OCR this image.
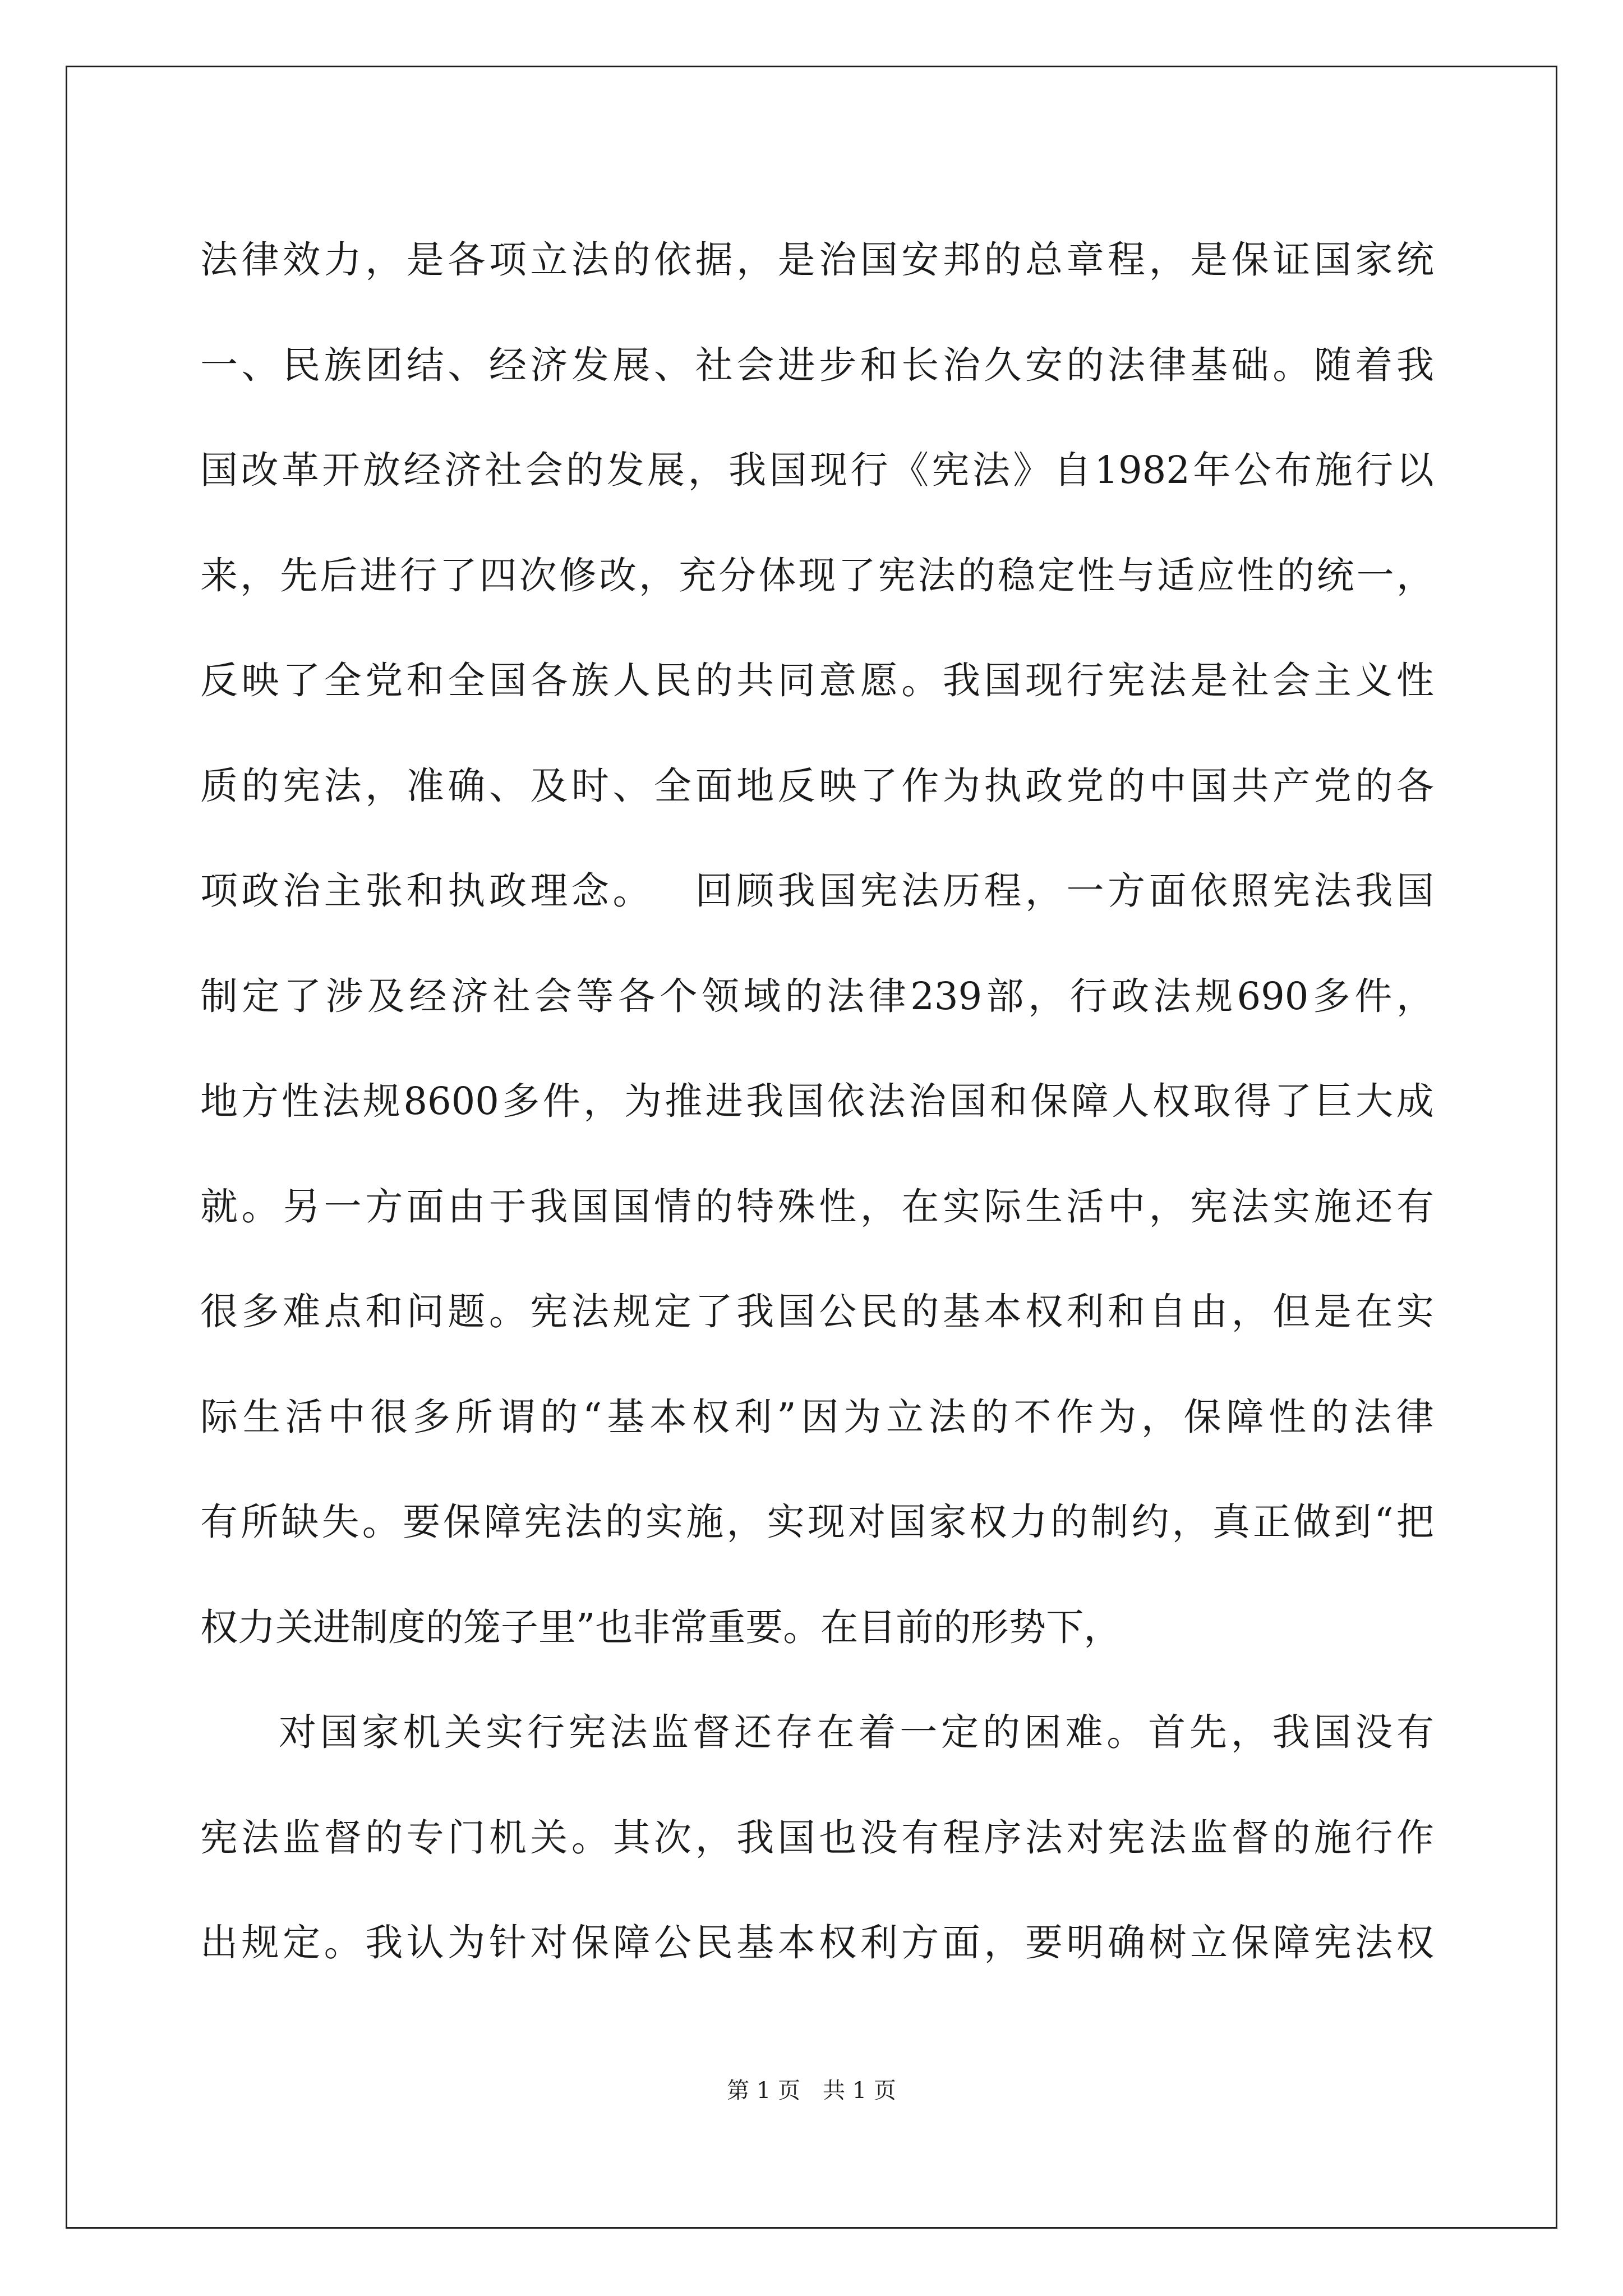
法 律 效 力 ， 是 各 项 立 法 的 依 据 ， 是 治 国 安 邦 的 总 章 程 ， 是 保 证 国 家 统
一 、 民 族 团 结 、 经 济 发 展 、 社 会 进 步 和 长 治 久 安 的 法 律 基 础 。 随 着 我
国 改 革 开 放 经 济 社 会 的 发 展 ， 我 国 现 行 《 宪 法 》 自 1982 年 公 布 施 行 以
来 ， 先 后 进 行 了 四 次 修 改 ， 充 分 体 现 了 宪 法 的 稳 定 性 与 适 应 性 的 统 一 ，
反 映 了 全 党 和 全 国 各 族 人 民 的 共 同 意 愿 。 我 国 现 行 宪 法 是 社 会 主 义 性
质 的 宪 法 ， 准 确 、 及 时 、 全 面 地 反 映 了 作 为 执 政 党 的 中 国 共 产 党 的 各
项 政 治 主 张 和 执 政 理 念 。
　 回 顾 我 国 宪 法 历 程 ， 一 方 面 依 照 宪 法 我 国
制 定 了 涉 及 经 济 社 会 等 各 个 领 域 的 法 律 239 部 ， 行 政 法 规 690 多 件 ，
地 方 性 法 规 8600 多 件 ， 为 推 进 我 国 依 法 治 国 和 保 障 人 权 取 得 了 巨 大 成
就 。 另 一 方 面 由 于 我 国 国 情 的 特 殊 性 ， 在 实 际 生 活 中 ， 宪 法 实 施 还 有
很 多 难 点 和 问 题 。 宪 法 规 定 了 我 国 公 民 的 基 本 权 利 和 自 由 ， 但 是 在 实
际 生 活 中 很 多 所 谓 的 “ 基 本 权 利 ” 因 为 立 法 的 不 作 为 ， 保 障 性 的 法 律
有 所 缺 失 。 要 保 障 宪 法 的 实 施 ， 实 现 对 国 家 权 力 的 制 约 ， 真 正 做 到 “ 把
权力关进制度的笼子里”也非常重要。在目前的形势下，
对 国 家 机 关 实 行 宪 法 监 督 还 存 在 着 一 定 的 困 难 。 首 先 ， 我 国 没 有
宪 法 监 督 的 专 门 机 关 。 其 次 ， 我 国 也 没 有 程 序 法 对 宪 法 监 督 的 施 行 作
出 规 定 。 我 认 为 针 对 保 障 公 民 基 本 权 利 方 面 ， 要 明 确 树 立 保 障 宪 法 权
第 1 页　共 1 页
